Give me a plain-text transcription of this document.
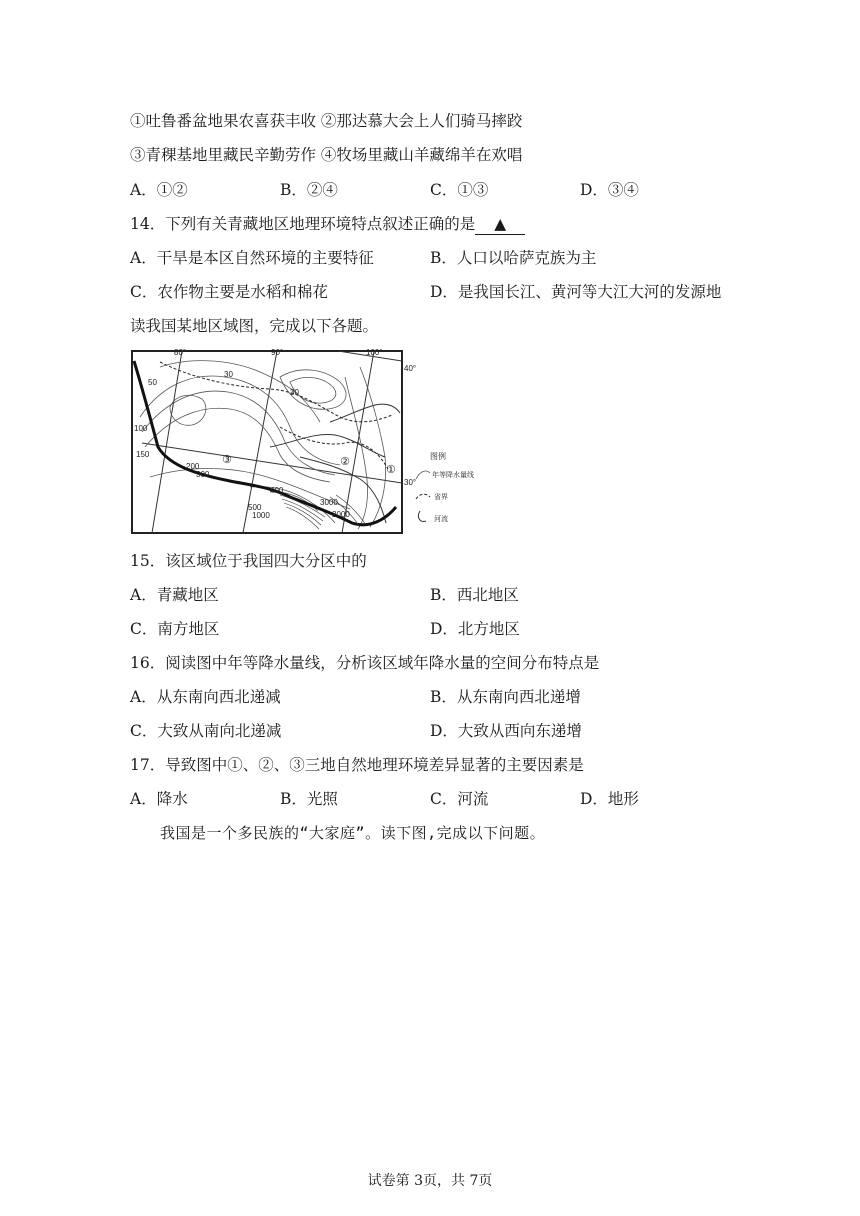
①吐鲁番盆地果农喜获丰收 ②那达慕大会上人们骑马摔跤
③青稞基地里藏民辛勤劳作 ④牧场里藏山羊藏绵羊在欢唱
A．①②	B．②④	C．①③	D．③④
14．下列有关青藏地区地理环境特点叙述正确的是 ▲
A．干旱是本区自然环境的主要特征	B．人口以哈萨克族为主
C．农作物主要是水稻和棉花	D．是我国长江、黄河等大江大河的发源地
读我国某地区域图，完成以下各题。
80°	90°	100°
40°
30°
50
30
30
100
150
200
300
400
500
1000	2000
3000
①
②
③	图例
年等降水量线
省界
河流
15．该区域位于我国四大分区中的
A．青藏地区	B．西北地区
C．南方地区	D．北方地区
16．阅读图中年等降水量线，分析该区域年降水量的空间分布特点是
A．从东南向西北递减	B．从东南向西北递增
C．大致从南向北递减	D．大致从西向东递增
17．导致图中①、②、③三地自然地理环境差异显著的主要因素是
A．降水	B．光照	C．河流	D．地形
我国是一个多民族的“大家庭”。读下图,完成以下问题。
试卷第 3页，共 7页
